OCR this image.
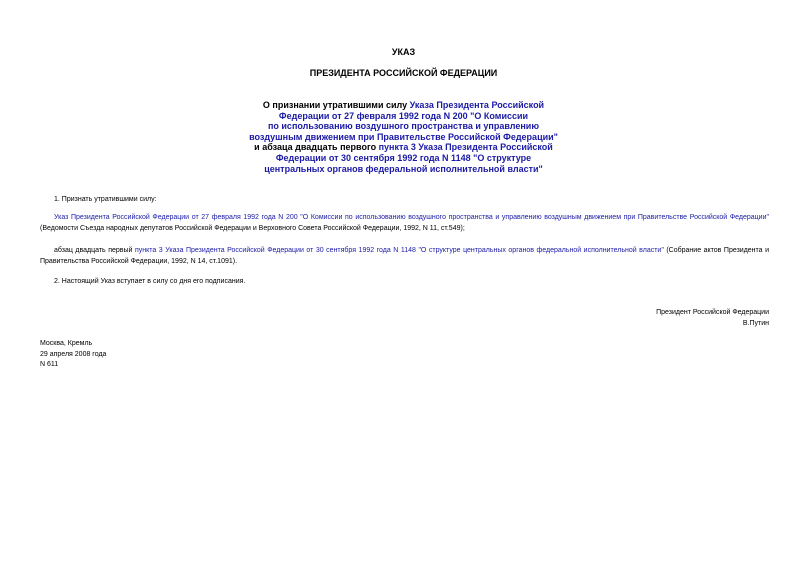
УКАЗ
ПРЕЗИДЕНТА РОССИЙСКОЙ ФЕДЕРАЦИИ
О признании утратившими силу Указа Президента Российской
Федерации от 27 февраля 1992 года N 200 "О Комиссии
по использованию воздушного пространства и управлению
воздушным движением при Правительстве Российской Федерации"
и абзаца двадцать первого пункта 3 Указа Президента Российской
Федерации от 30 сентября 1992 года N 1148 "О структуре
центральных органов федеральной исполнительной власти"
1. Признать утратившими силу:
Указ Президента Российской Федерации от 27 февраля 1992 года N 200 "О Комиссии по использованию воздушного пространства и управлению воздушным движением при Правительстве Российской Федерации" (Ведомости Съезда народных депутатов Российской Федерации и Верховного Совета Российской Федерации, 1992, N 11, ст.549);
абзац двадцать первый пункта 3 Указа Президента Российской Федерации от 30 сентября 1992 года N 1148 "О структуре центральных органов федеральной исполнительной власти" (Собрание актов Президента и Правительства Российской Федерации, 1992, N 14, ст.1091).
2. Настоящий Указ вступает в силу со дня его подписания.
Президент Российской Федерации
В.Путин
Москва, Кремль
29 апреля 2008 года
N 611
